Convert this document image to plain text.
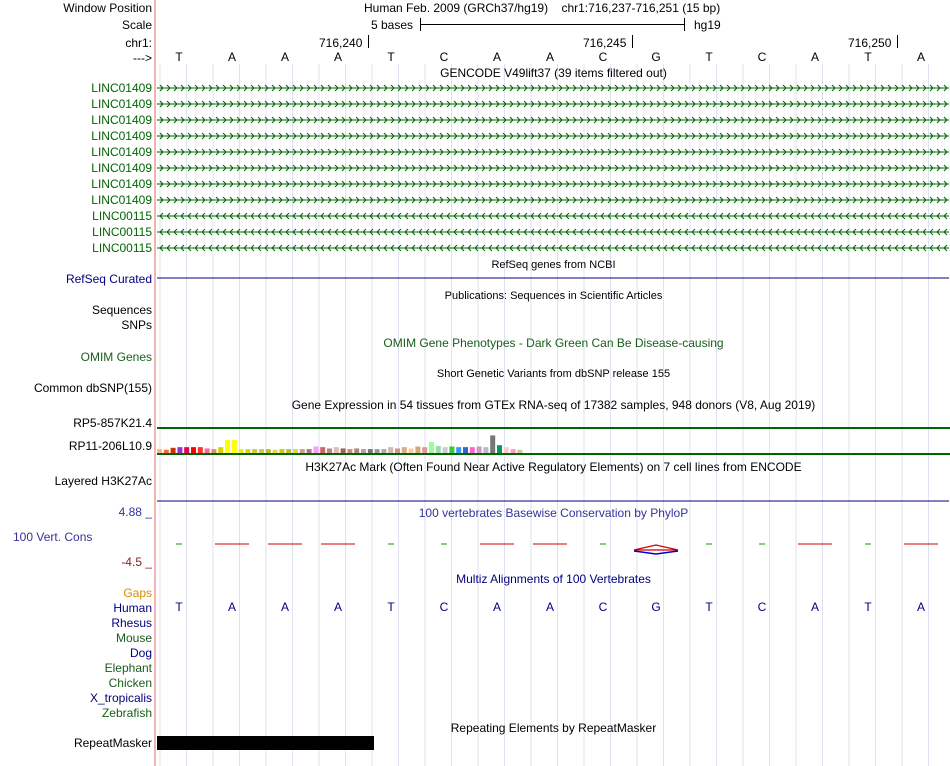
Window Position
Scale
chr1:
--->
Human Feb. 2009 (GRCh37/hg19)    chr1:716,237-716,251 (15 bp)
5 bases	hg19
716,240	716,245	716,250
T	A	A	A	T	C	A	A	C	G	T	C	A	T	A
GENCODE V49lift37 (39 items filtered out)
LINC01409
LINC01409
LINC01409
LINC01409
LINC01409
LINC01409
LINC01409
LINC01409
LINC00115
LINC00115
LINC00115
RefSeq genes from NCBI
RefSeq Curated
Publications: Sequences in Scientific Articles
Sequences
SNPs
OMIM Gene Phenotypes - Dark Green Can Be Disease-causing
OMIM Genes
Short Genetic Variants from dbSNP release 155
Common dbSNP(155)
Gene Expression in 54 tissues from GTEx RNA-seq of 17382 samples, 948 donors (V8, Aug 2019)
RP5-857K21.4
RP11-206L10.9
H3K27Ac Mark (Often Found Near Active Regulatory Elements) on 7 cell lines from ENCODE
Layered H3K27Ac
100 vertebrates Basewise Conservation by PhyloP
4.88 _
100 Vert. Cons
-4.5 _
Multiz Alignments of 100 Vertebrates
Gaps
Human
Rhesus
Mouse
Dog
Elephant
Chicken
X_tropicalis
Zebrafish
T	A	A	A	T	C	A	A	C	G	T	C	A	T	A
Repeating Elements by RepeatMasker
RepeatMasker
